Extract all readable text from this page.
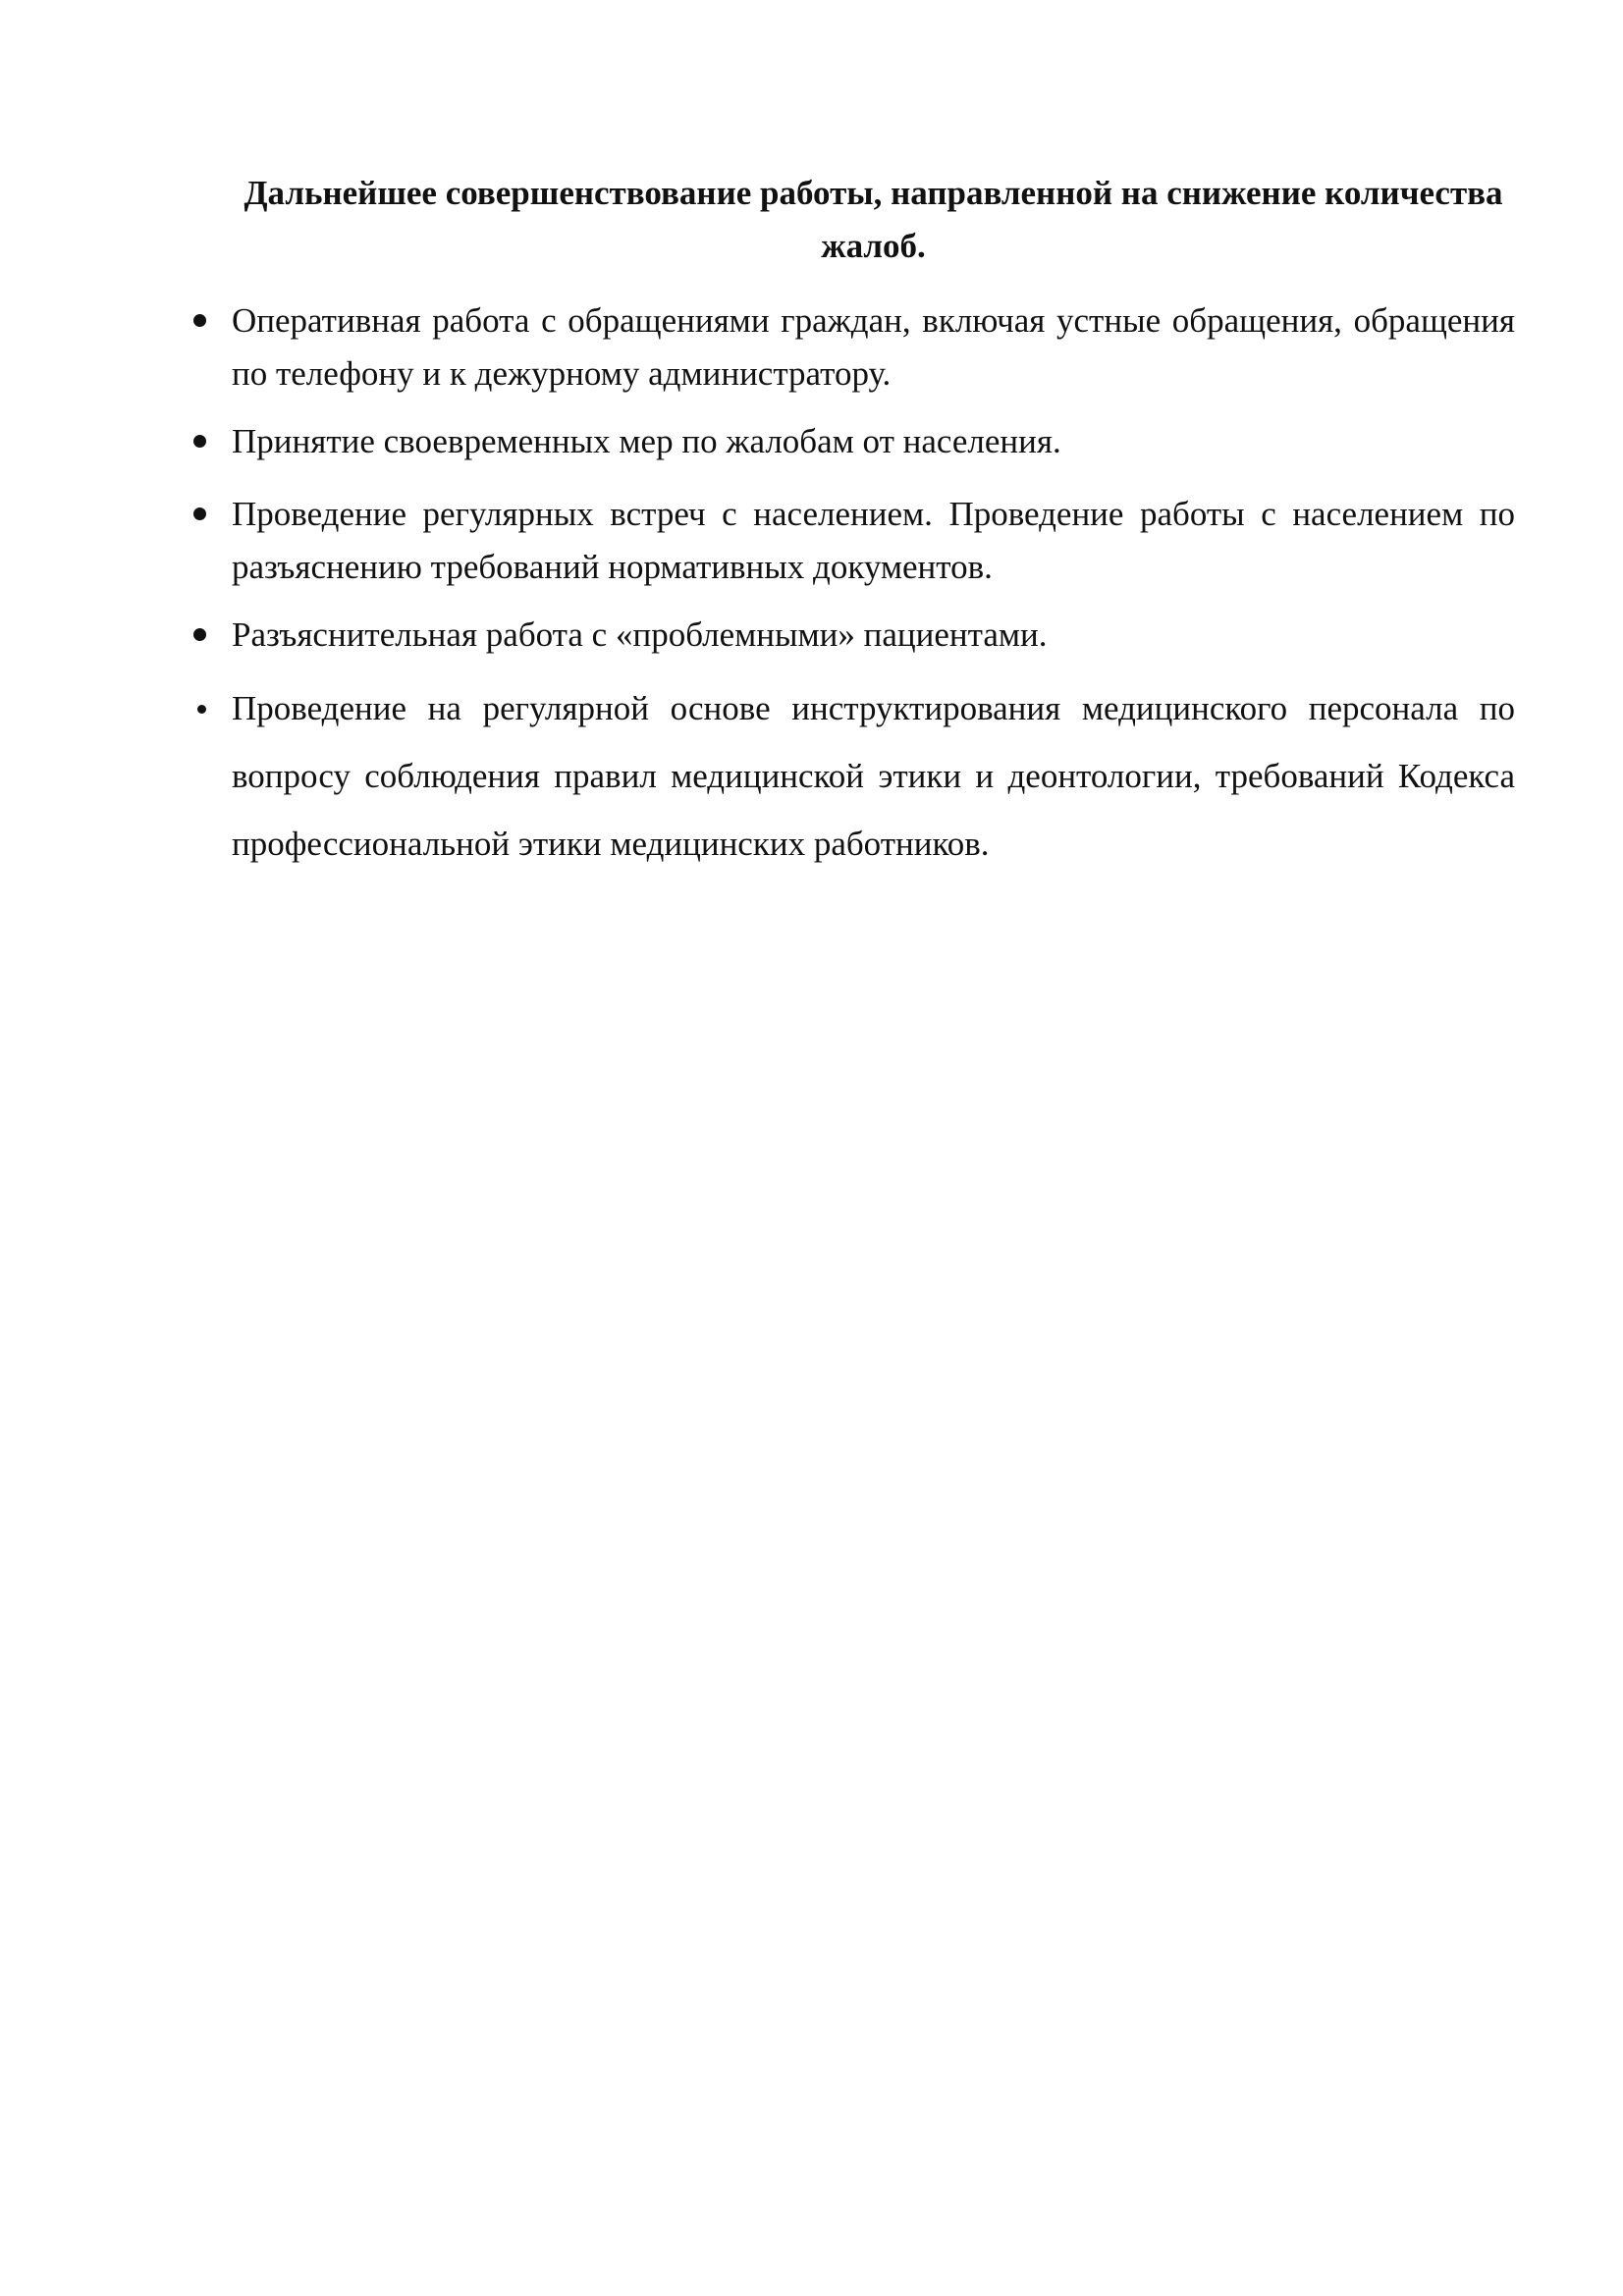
Дальнейшее совершенствование работы, направленной на снижение количества жалоб.
Оперативная работа с обращениями граждан, включая устные обращения, обращения по телефону и к дежурному администратору.
Принятие своевременных мер по жалобам от населения.
Проведение регулярных встреч с населением. Проведение работы с населением по разъяснению требований нормативных документов.
Разъяснительная работа с «проблемными» пациентами.
Проведение на регулярной основе инструктирования медицинского персонала по вопросу соблюдения правил медицинской этики и деонтологии, требований Кодекса профессиональной этики медицинских работников.
